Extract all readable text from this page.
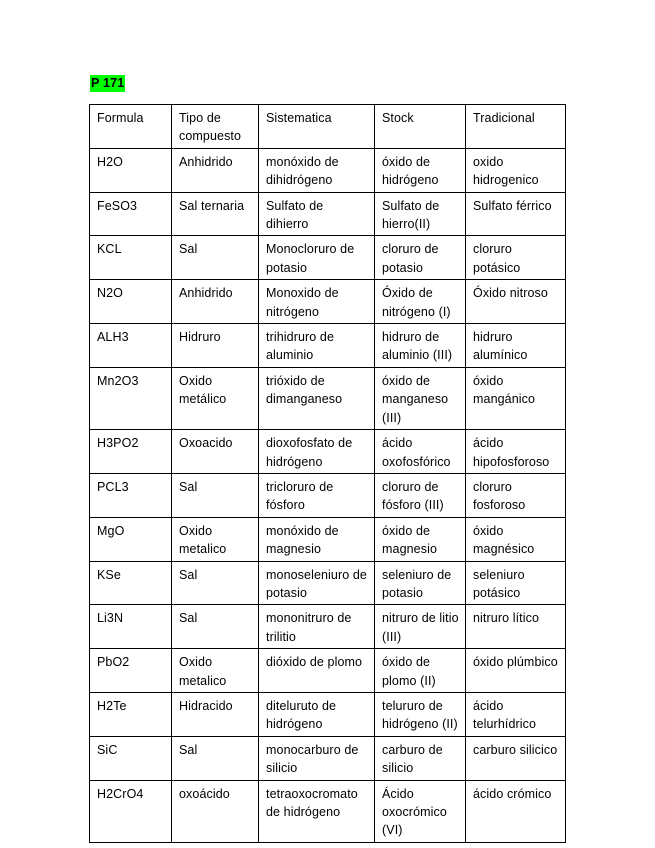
P 171
Formula	Tipo de compuesto	Sistematica	Stock	Tradicional
H2O	Anhidrido	monóxido de dihidrógeno	óxido de hidrógeno	oxido hidrogenico
FeSO3	Sal ternaria	Sulfato de dihierro	Sulfato de hierro(II)	Sulfato férrico
KCL	Sal	Monocloruro de potasio	cloruro de potasio	cloruro potásico
N2O	Anhidrido	Monoxido de nitrógeno	Óxido de nitrógeno (I)	Óxido nitroso
ALH3	Hidruro	trihidruro de aluminio	hidruro de aluminio (III)	hidruro alumínico
Mn2O3	Oxido metálico	trióxido de dimanganeso	óxido de manganeso (III)	óxido mangánico
H3PO2	Oxoacido	dioxofosfato de hidrógeno	ácido oxofosfórico	ácido hipofosforoso
PCL3	Sal	tricloruro de fósforo	cloruro de fósforo (III)	cloruro fosforoso
MgO	Oxido metalico	monóxido de magnesio	óxido de magnesio	óxido magnésico
KSe	Sal	monoseleniuro de potasio	seleniuro de potasio	seleniuro potásico
Li3N	Sal	mononitruro de trilitio	nitruro de litio (III)	nitruro lítico
PbO2	Oxido metalico	dióxido de plomo	óxido de plomo (II)	óxido plúmbico
H2Te	Hidracido	diteluruto de hidrógeno	telururo de hidrógeno (II)	ácido telurhídrico
SiC	Sal	monocarburo de silicio	carburo de silicio	carburo silicico
H2CrO4	oxoácido	tetraoxocromato de hidrógeno	Ácido oxocrómico (VI)	ácido crómico
